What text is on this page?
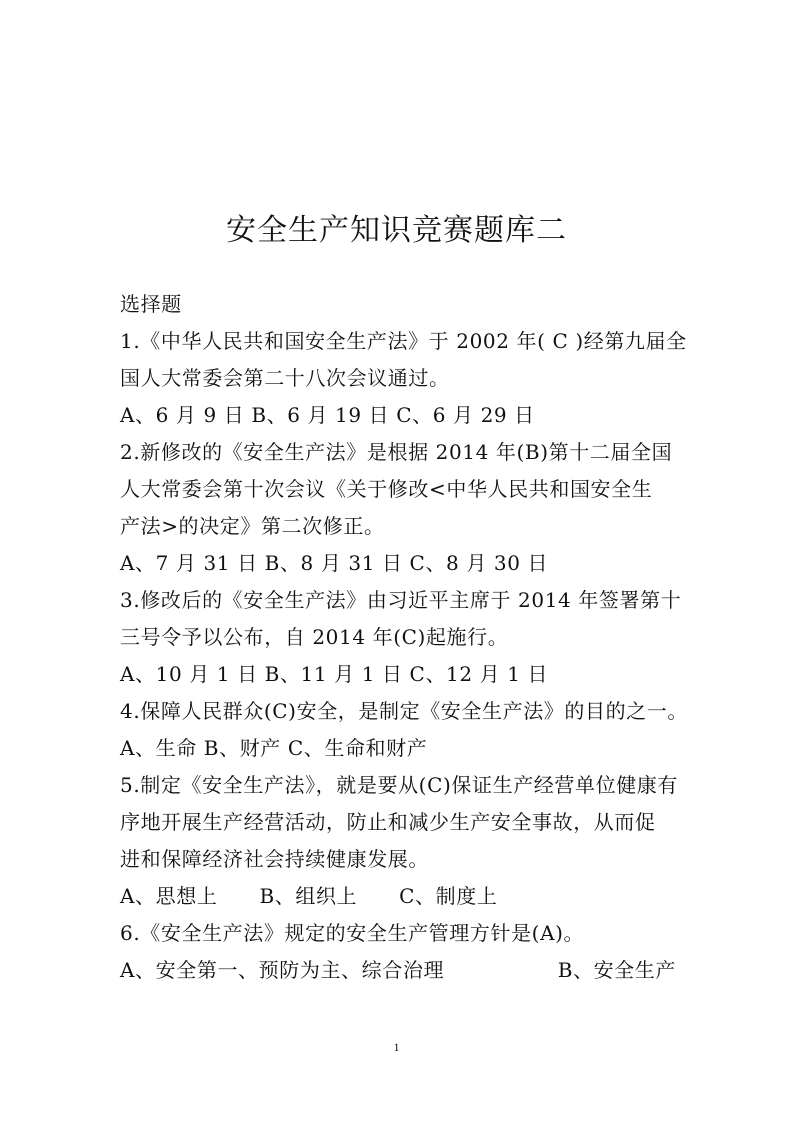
安全生产知识竞赛题库二
选择题
1.《中华人民共和国安全生产法》于 2002 年( C )经第九届全
国人大常委会第二十八次会议通过。
A、6 月 9 日 B、6 月 19 日 C、6 月 29 日
2.新修改的《安全生产法》是根据 2014 年(B)第十二届全国
人大常委会第十次会议《关于修改<中华人民共和国安全生
产法>的决定》第二次修正。
A、7 月 31 日 B、8 月 31 日 C、8 月 30 日
3.修改后的《安全生产法》由习近平主席于 2014 年签署第十
三号令予以公布，自 2014 年(C)起施行。
A、10 月 1 日 B、11 月 1 日 C、12 月 1 日
4.保障人民群众(C)安全，是制定《安全生产法》的目的之一。
A、生命 B、财产 C、生命和财产
5.制定《安全生产法》，就是要从(C)保证生产经营单位健康有
序地开展生产经营活动，防止和减少生产安全事故，从而促
进和保障经济社会持续健康发展。
A、思想上 B、组织上 C、制度上
6.《安全生产法》规定的安全生产管理方针是(A)。
A、安全第一、预防为主、综合治理	B、安全生产
1
